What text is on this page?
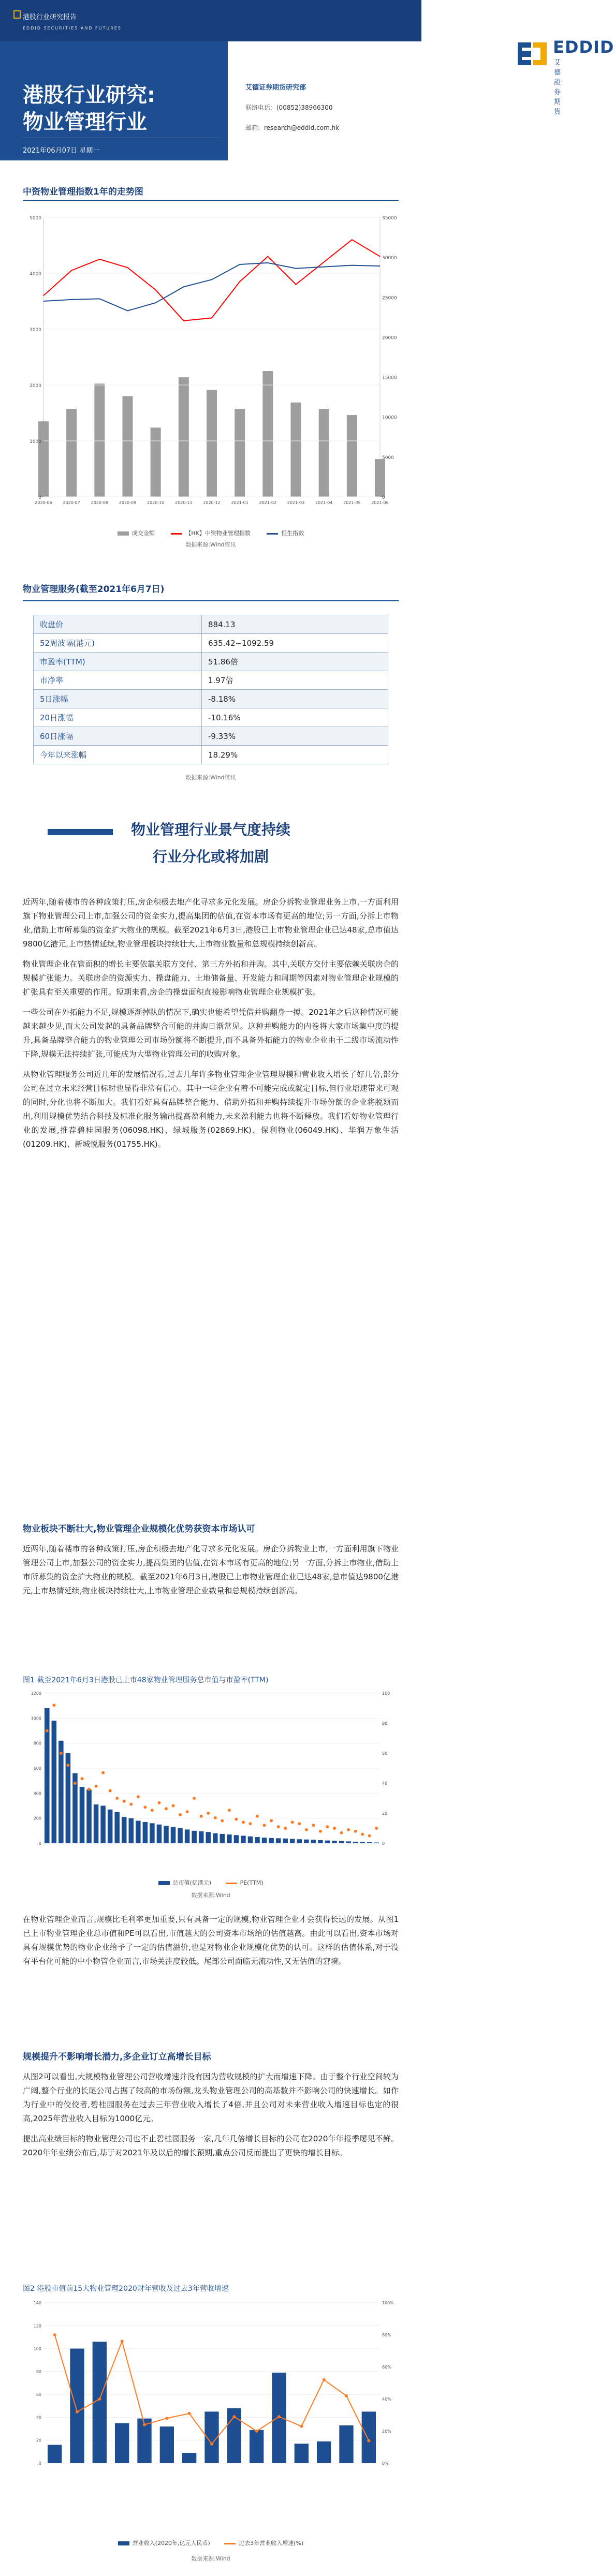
港股行业研究报告
EDDID SECURITIES AND FUTURES
港股行业研究:
物业管理行业
2021年06月07日 星期一
EDDID
艾德證券期貨
艾德证券期货研究部
联络电话: (00852)38966300
邮箱: research@eddid.com.hk
中资物业管理指数1年的走势图
0
1000
2000
3000
4000
5000
0
5000
10000
15000
20000
25000
30000
35000
2020-06	2020-07	2020-08	2020-09	2020-10	2020-11	2020-12	2021-01	2021-02	2021-03	2021-04	2021-05	2021-06
成交金额	【HK】中资物业管理指数	恒生指数
数据来源:Wind资讯
物业管理服务(截至2021年6月7日)
收盘价	884.13
52周波幅(港元)	635.42~1092.59
市盈率(TTM)	51.86倍
市净率	1.97倍
5日涨幅	-8.18%
20日涨幅	-10.16%
60日涨幅	-9.33%
今年以来涨幅	18.29%
数据来源:Wind资讯
物业管理行业景气度持续
行业分化或将加剧

近两年,随着楼市的各种政策打压,房企积极去地产化寻求多元化发展。房企分拆物业管理业务上市,一方面利用旗下物业管理公司上市,加强公司的资金实力,提高集团的估值,在资本市场有更高的地位;另一方面,分拆上市物业,借助上市所募集的资金扩大物业的规模。截至2021年6月3日,港股已上市物业管理企业已达48家,总市值达9800亿港元,上市热情延续,物业管理板块持续壮大,上市物业数量和总规模持续创新高。

物业管理企业在管面积的增长主要依靠关联方交付、第三方外拓和并购。其中,关联方交付主要依赖关联房企的规模扩张能力。关联房企的资源实力、操盘能力、土地储备量、开发能力和周期等因素对物业管理企业规模的扩张具有至关重要的作用。短期来看,房企的操盘面积直接影响物业管理企业规模扩张。

一些公司在外拓能力不足,规模逐渐掉队的情况下,确实也能希望凭借并购翻身一搏。2021年之后这种情况可能越来越少见,而大公司发起的具备品牌整合可能的并购日渐常见。这种并购能力的内卷将大家市场集中度的提升,具备品牌整合能力的物业管理公司市场份额将不断提升,而不具备外拓能力的物业企业由于二级市场流动性下降,规模无法持续扩张,可能成为大型物业管理公司的收购对象。

从物业管理服务公司近几年的发展情况看,过去几年许多物业管理企业管理规模和营业收入增长了好几倍,部分公司在过立未来经营目标时也显得非常有信心。其中一些企业有着不可能完成或就定目标,但行业增速带来可观的同时,分化也将不断加大。我们看好具有品牌整合能力、借助外拓和并购持续提升市场份额的企业将脱颖而出,利用规模优势结合科技及标准化服务输出提高盈利能力,未来盈利能力也将不断释放。我们看好物业管理行业的发展,推荐碧桂园服务(06098.HK)、绿城服务(02869.HK)、保利物业(06049.HK)、华润万象生活(01209.HK)、新城悦服务(01755.HK)。

物业板块不断壮大,物业管理企业规模化优势获资本市场认可

近两年,随着楼市的各种政策打压,房企积极去地产化寻求多元化发展。房企分拆物业上市,一方面利用旗下物业管理公司上市,加强公司的资金实力,提高集团的估值,在资本市场有更高的地位;另一方面,分拆上市物业,借助上市所募集的资金扩大物业的规模。截至2021年6月3日,港股已上市物业管理企业已达48家,总市值达9800亿港元,上市热情延续,物业板块持续壮大,上市物业管理企业数量和总规模持续创新高。

图1 截至2021年6月3日港股已上市48家物业管理服务总市值与市盈率(TTM)
0
200
400
600
800
1000
1200
0
20
40
60
80
100
总市值(亿港元)	PE(TTM)
数据来源:Wind

在物业管理企业而言,规模比毛利率更加重要,只有具备一定的规模,物业管理企业才会获得长远的发展。从图1已上市物业管理企业总市值和PE可以看出,市值越大的公司资本市场给的估值越高。由此可以看出,资本市场对具有规模优势的物业企业给予了一定的估值溢价,也是对物业企业规模化优势的认可。这样的估值体系,对于没有平台化可能的中小物管企业而言,市场关注度较低。尾部公司面临无流动性,又无估值的窘境。

规模提升不影响增长潜力,多企业订立高增长目标

从图2可以看出,大规模物业管理公司营收增速并没有因为营收规模的扩大而增速下降。由于整个行业空间较为广阔,整个行业的长尾公司占据了较高的市场份额,龙头物业管理公司的高基数并不影响公司的快速增长。如作为行业中的佼佼者,碧桂园服务在过去三年营业收入增长了4倍,并且公司对未来营业收入增速目标也定的很高,2025年营业收入目标为1000亿元。

提出高业绩目标的物业管理公司也不止碧桂园服务一家,几年几倍增长目标的公司在2020年年报季屡见不鲜。2020年年业绩公布后,基于对2021年及以后的增长预期,重点公司反而提出了更快的增长目标。

图2 港股市值前15大物业管理2020财年营收及过去3年营收增速
0
20
40
60
80
100
120
140
0%
20%
40%
60%
80%
100%
营业收入(2020年,亿元人民币)	过去3年营业收入增速(%)
数据来源:Wind
